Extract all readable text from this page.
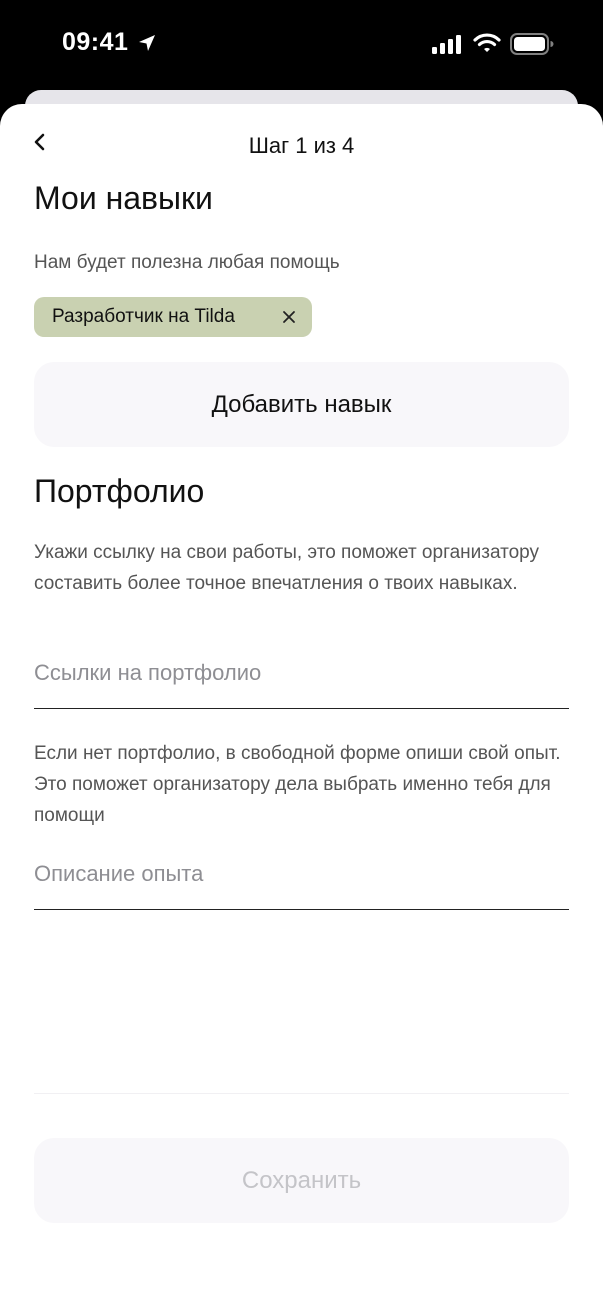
09:41
Шаг 1 из 4
Мои навыки
Нам будет полезна любая помощь
Разработчик на Tilda
Добавить навык
Портфолио
Укажи ссылку на свои работы, это поможет организатору составить более точное впечатления о твоих навыках.
Ссылки на портфолио
Если нет портфолио, в свободной форме опиши свой опыт. Это поможет организатору дела выбрать именно тебя для помощи
Описание опыта
Сохранить
